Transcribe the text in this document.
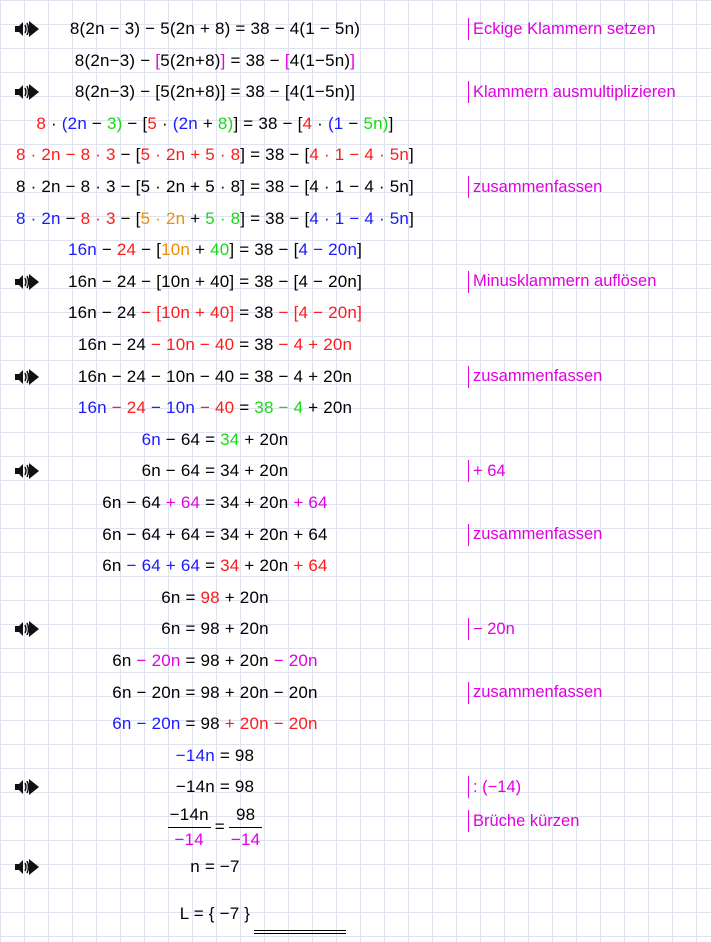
8(2n − 3) − 5(2n + 8) = 38 − 4(1 − 5n)	Eckige Klammern setzen
8(2n−3) − [ 5(2n+8) ] = 38 − [ 4(1−5n) ]
8(2n−3) − [5(2n+8)] = 38 − [4(1−5n)]	Klammern ausmultiplizieren
8 · (2n − 3) − [ 5 · (2n + 8) ] = 38 − [ 4 · (1 − 5n) ]
8 · 2n − 8 · 3 − [ 5 · 2n + 5 · 8 ] = 38 − [ 4 · 1 − 4 · 5n ]
8 · 2n − 8 · 3 − [5 · 2n + 5 · 8] = 38 − [4 · 1 − 4 · 5n]	zusammenfassen
8 · 2n − 8 · 3 − [ 5 · 2n + 5 · 8 ] = 38 − [ 4 · 1 − 4 · 5n ]
16n − 24 − [ 10n + 40 ] = 38 − [ 4 − 20n ]
16n − 24 − [10n + 40] = 38 − [4 − 20n]	Minusklammern auflösen
16n − 24 − [10n + 40] = 38 − [4 − 20n]
16n − 24 − 10n − 40 = 38 − 4 + 20n
16n − 24 − 10n − 40 = 38 − 4 + 20n	zusammenfassen
16n − 24 − 10n − 40 = 38 − 4 + 20n
6n − 64 = 34 + 20n
6n − 64 = 34 + 20n	+ 64
6n − 64 + 64 = 34 + 20n + 64
6n − 64 + 64 = 34 + 20n + 64	zusammenfassen
6n − 64 + 64 = 34 + 20n + 64
6n = 98 + 20n
6n = 98 + 20n	− 20n
6n − 20n = 98 + 20n − 20n
6n − 20n = 98 + 20n − 20n	zusammenfassen
6n − 20n = 98 + 20n − 20n
−14n = 98
−14n = 98	: (−14)
$\frac{-14n}{-14} = \frac{98}{-14}$	Brüche kürzen
n = −7
L = { −7 }
